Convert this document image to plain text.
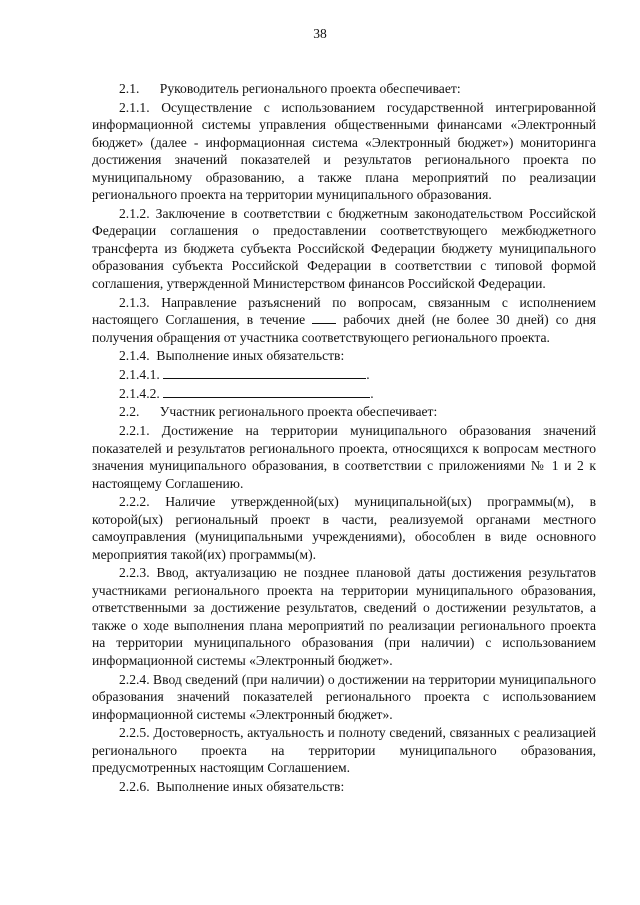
38

2.1.      Руководитель регионального проекта обеспечивает:

2.1.1. Осуществление с использованием государственной интегрированной информационной системы управления общественными финансами «Электронный бюджет» (далее - информационная система «Электронный бюджет») мониторинга достижения значений показателей и результатов регионального проекта по муниципальному образованию, а также плана мероприятий по реализации регионального проекта на территории муниципального образования.

2.1.2. Заключение в соответствии с бюджетным законодательством Российской Федерации соглашения о предоставлении соответствующего межбюджетного трансферта из бюджета субъекта Российской Федерации бюджету муниципального образования субъекта Российской Федерации в соответствии с типовой формой соглашения, утвержденной Министерством финансов Российской Федерации.

2.1.3. Направление разъяснений по вопросам, связанным с исполнением настоящего Соглашения, в течение  рабочих дней (не более 30 дней) со дня получения обращения от участника соответствующего регионального проекта.

2.1.4.  Выполнение иных обязательств:

2.1.4.1.	.

2.1.4.2.	.

2.2.      Участник регионального проекта обеспечивает:

2.2.1. Достижение на территории муниципального образования значений показателей и результатов регионального проекта, относящихся к вопросам местного значения муниципального образования, в соответствии с приложениями № 1 и 2 к настоящему Соглашению.

2.2.2. Наличие утвержденной(ых) муниципальной(ых) программы(м), в которой(ых) региональный проект в части, реализуемой органами местного самоуправления (муниципальными учреждениями), обособлен в виде основного мероприятия такой(их) программы(м).

2.2.3. Ввод, актуализацию не позднее плановой даты достижения результатов участниками регионального проекта на территории муниципального образования, ответственными за достижение результатов, сведений о достижении результатов, а также о ходе выполнения плана мероприятий по реализации регионального проекта на территории муниципального образования (при наличии) с использованием информационной системы «Электронный бюджет».

2.2.4. Ввод сведений (при наличии) о достижении на территории муниципального образования значений показателей регионального проекта с использованием информационной системы «Электронный бюджет».

2.2.5. Достоверность, актуальность и полноту сведений, связанных с реализацией регионального проекта на территории муниципального образования, предусмотренных настоящим Соглашением.

2.2.6.  Выполнение иных обязательств:
